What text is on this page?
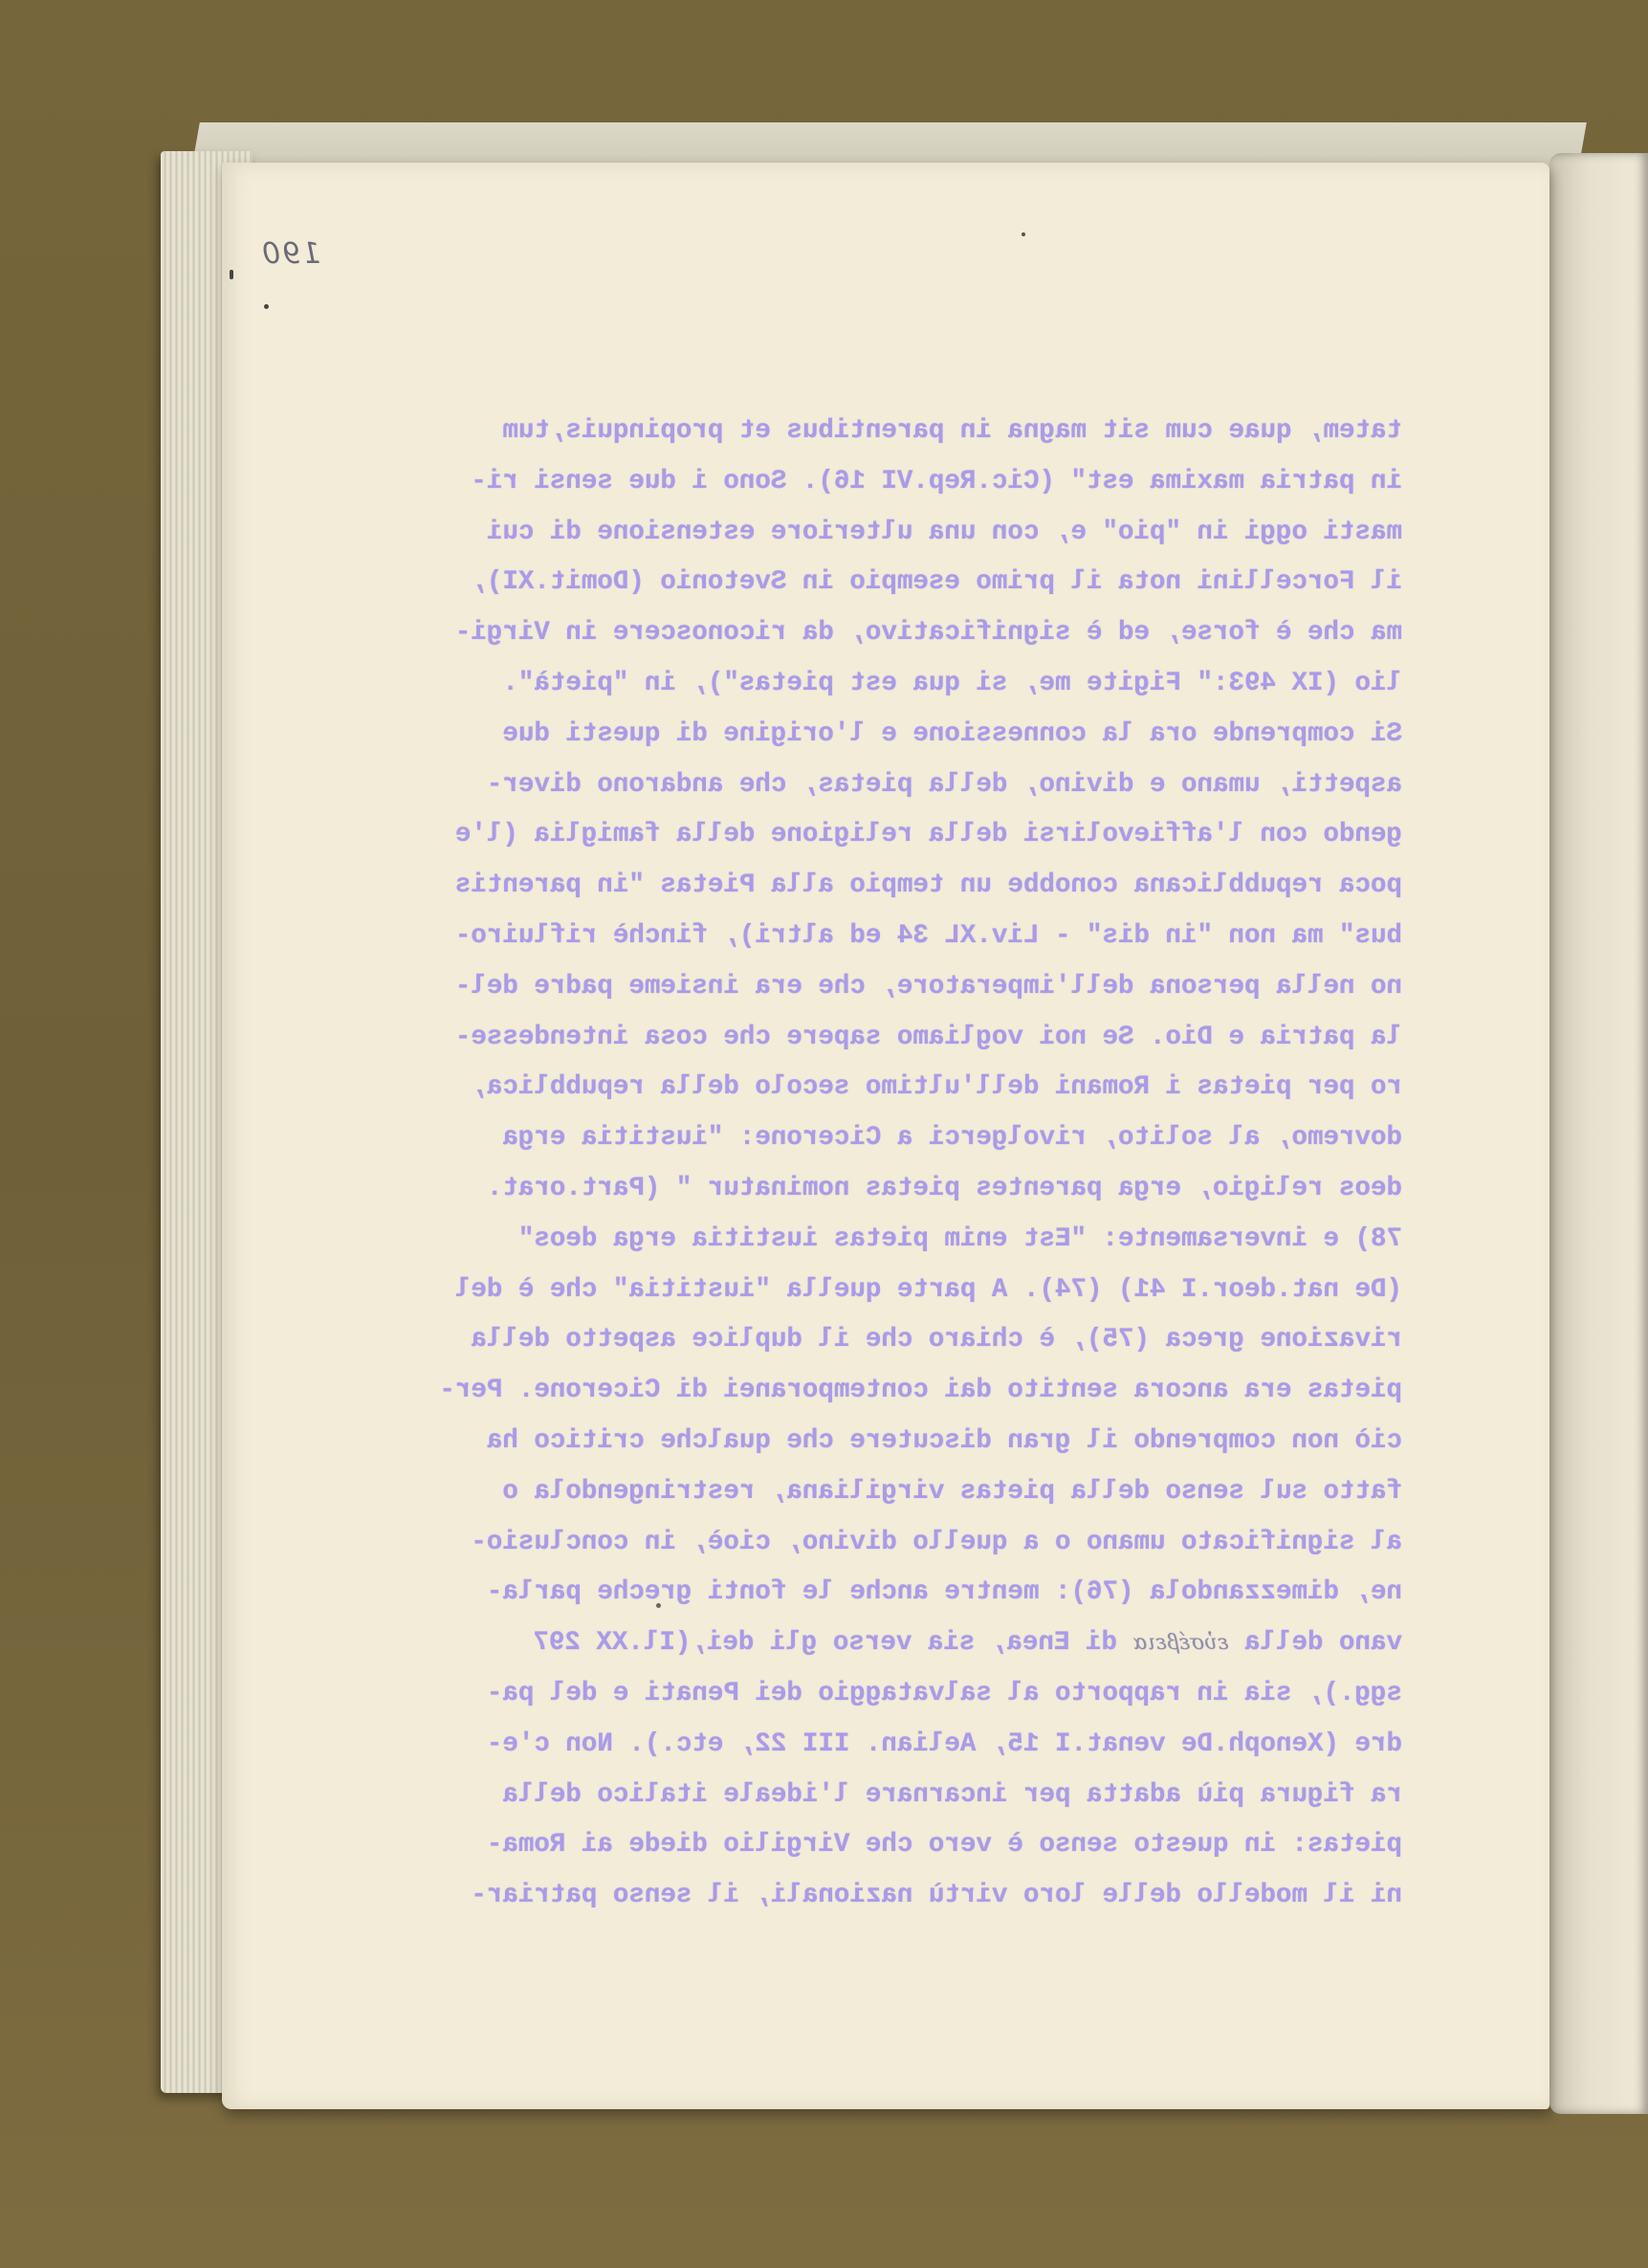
190
tatem, quae cum sit magna in parentibus et propinquis,tum
in patria maxima est" (Cic.Rep.VI 16). Sono i due sensi ri-
masti oggi in "pio" e, con una ulteriore estensione di cui
il Forcellini nota il primo esempio in Svetonio (Domit.XI),
ma che è forse, ed è significativo, da riconoscere in Virgi-
lio (IX 493:" Figite me, si qua est pietas"), in "pietà".
Si comprende ora la connessione e l'origine di questi due
aspetti, umano e divino, della pietas, che andarono diver-
gendo con l'affievolirsi della religione della famiglia (l'e
poca repubblicana conobbe un tempio alla Pietas "in parentis
bus" ma non "in dis" - Liv.XL 34 ed altri), finchè rifluiro-
no nella persona dell'imperatore, che era insieme padre del-
la patria e Dio. Se noi vogliamo sapere che cosa intendesse-
ro per pietas i Romani dell'ultimo secolo della repubblica,
dovremo, al solito, rivolgerci a Cicerone: "iustitia erga
deos religio, erga parentes pietas nominatur " (Part.orat.
78) e inversamente: "Est enim pietas iustitia erga deos"
(De nat.deor.I 41) (74). A parte quella "iustitia" che è del
rivazione greca (75), è chiaro che il duplice aspetto della
pietas era ancora sentito dai contemporanei di Cicerone. Per-
ciò non comprendo il gran discutere che qualche critico ha
fatto sul senso della pietas virgiliana, restringendola o
al significato umano o a quello divino, cioè, in conclusio-
ne, dimezzandola (76): mentre anche le fonti greche parla-
vano della εὐσέβεια di Enea, sia verso gli dei,(Il.XX 297
sgg.), sia in rapporto al salvataggio dei Penati e del pa-
dre (Xenoph.De venat.I 15, Aelian. III 22, etc.). Non c'e-
ra figura più adatta per incarnare l'ideale italico della
pietas: in questo senso è vero che Virgilio diede ai Roma-
ni il modello delle loro virtù nazionali, il senso patriar-
